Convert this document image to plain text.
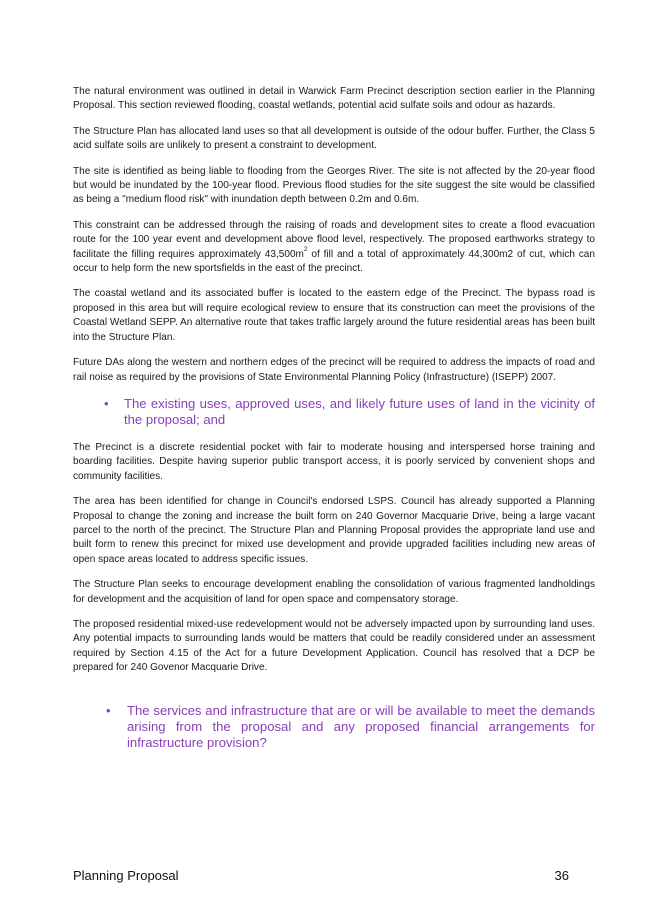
The natural environment was outlined in detail in Warwick Farm Precinct description section earlier in the Planning Proposal. This section reviewed flooding, coastal wetlands, potential acid sulfate soils and odour as hazards.

The Structure Plan has allocated land uses so that all development is outside of the odour buffer. Further, the Class 5 acid sulfate soils are unlikely to present a constraint to development.

The site is identified as being liable to flooding from the Georges River. The site is not affected by the 20-year flood but would be inundated by the 100-year flood. Previous flood studies for the site suggest the site would be classified as being a "medium flood risk" with inundation depth between 0.2m and 0.6m.

This constraint can be addressed through the raising of roads and development sites to create a flood evacuation route for the 100 year event and development above flood level, respectively. The proposed earthworks strategy to facilitate the filling requires approximately $43,500m^2$ of fill and a total of approximately 44,300m2 of cut, which can occur to help form the new sportsfields in the east of the precinct.

The coastal wetland and its associated buffer is located to the eastern edge of the Precinct. The bypass road is proposed in this area but will require ecological review to ensure that its construction can meet the provisions of the Coastal Wetland SEPP. An alternative route that takes traffic largely around the future residential areas has been built into the Structure Plan.

Future DAs along the western and northern edges of the precinct will be required to address the impacts of road and rail noise as required by the provisions of State Environmental Planning Policy (Infrastructure) (ISEPP) 2007.

• The existing uses, approved uses, and likely future uses of land in the vicinity of the proposal; and

The Precinct is a discrete residential pocket with fair to moderate housing and interspersed horse training and boarding facilities. Despite having superior public transport access, it is poorly serviced by convenient shops and community facilities.

The area has been identified for change in Council's endorsed LSPS. Council has already supported a Planning Proposal to change the zoning and increase the built form on 240 Governor Macquarie Drive, being a large vacant parcel to the north of the precinct. The Structure Plan and Planning Proposal provides the appropriate land use and built form to renew this precinct for mixed use development and provide upgraded facilities including new areas of open space areas located to address specific issues.

The Structure Plan seeks to encourage development enabling the consolidation of various fragmented landholdings for development and the acquisition of land for open space and compensatory storage.

The proposed residential mixed-use redevelopment would not be adversely impacted upon by surrounding land uses. Any potential impacts to surrounding lands would be matters that could be readily considered under an assessment required by Section 4.15 of the Act for a future Development Application. Council has resolved that a DCP be prepared for 240 Govenor Macquarie Drive.

• The services and infrastructure that are or will be available to meet the demands arising from the proposal and any proposed financial arrangements for infrastructure provision?
Planning Proposal	36
